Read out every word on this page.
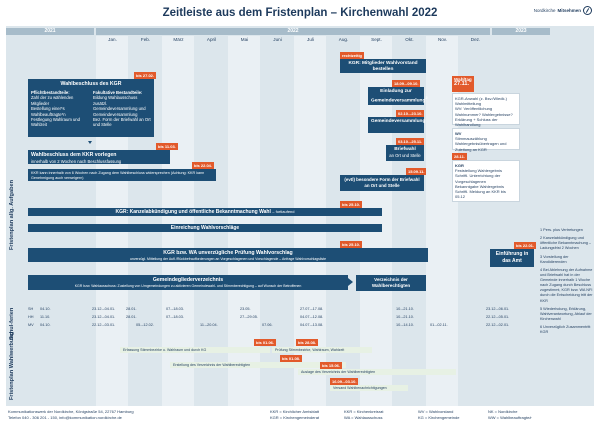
Zeitleiste aus dem Fristenplan – Kirchenwahl 2022	Nordkirche Mitsehmen
2021	2022	2023
Jan.	Feb.	März	April	Mai	Juni	Juli	Aug.	Sept.	Okt.	Nov.	Dez.
Fristenplan allg. Aufgaben
Schul-ferien
Fristenplan Wahlwerbung
bis 27.02.
Wahlbeschluss des KGR
Pflichtbestandteile:
Zahl der zu wählenden Mitglieder
Bestellung einer*s Wahlbeauftragte*n
Festlegung Wahlraum und Wahlzeit
Fakultative Bestandteile:
Bildung Wahlausschuss
zusätzl. Gemeindeversammlung und Gemeindeversammlung
Bez. Form der Briefwahl an Ort und Stelle
bis 11.03.
Wahlbeschluss dem KKR vorlegen
innerhalb von 2 Wochen nach Beschlussfassung
bis 22.04.
KKR kann innerhalb von 6 Wochen nach Zugang dem Wahlbeschluss widersprechen (Achtung: KKR kann Genehmigung auch verweigern)
rechtzeitig
KGR: Mitglieder Wahlvorstand bestellen
18.09.–09.10.
Einladung zur Gemeindeversammlung$^2$
02.10.–23.10.
Gemeindeversammlung
03.10.–25.11.
Briefwahl
an Ort und Stelle
15.09.11.
(evtl) besondere Form der Briefwahl an Ort und Stelle
Wahltag
27.11.
KGR-Anwahl (z. Bsv./Wiedk.)
Wahlmitteilung
WV: Veröffentlichung Wahlnummer? Wahlergebnisse?
Erklärung + Schluss der Wahlhandlung
WV
Stimmauszählung
Wahlergebnisübertragen und Zuleitung an KGR
28.11.
KGR
Feststellung Wahlergebnis
Schriftl. Unterrichtung der Vorgeschlagenen
Bekanntgabe Wahlergebnis
Schriftl. Meldung an KKR bis 05.12
bis 25.10.
KGR: Kanzelabkündigung und öffentliche Bekanntmachung Wahl – fortlaufend
Einreichung Wahlvorschläge
bis 25.10.
KGR bzw. WA unverzügliche Prüfung Wahlvorschlag
unverzügl. Mitteilung der Aufl./Rückbefraufforderungen an Vorgeschlagenen und Vorschlagende – Anfrage Wahlvorschlagsliste
Gemeindegliederverzeichnis
KGR bzw. Wahlausschuss: Zustellung von Umgemeindungen zu aktivieren Gemeindewahl- und Stimmberechtigung – auf Wunsch der Betroffenen
Verzeichnis der Wahlberechtigten
bis 22.01.
Einführung in das Amt
1 Pers. plus Vertretungen
2 Kanzelabkündigung und öffentliche Bekanntmachung – Ladungsfrist 2 Wochen
3 Vorstellung der Kandidierenden
4 Bei Ablehnung der Aufnahme und Briefwahl hat in der Gemeinde innerhalb 1 Woche nach Zugang durch Beschluss zugestimmt, KGR bzw. WA NFI durch die Entscheidung tritt der KKR
5 Wiederholung, Erklärung, Wahlverantwortung, Ablauf der Kirchenwahl
6 Unverzüglich Zusammentritt KGR
SH
HH
MV
04.10.	23.12.–04.01.	28.01.	07.–18.03.	23.05.	27.07.–17.08.	10.–21.10.	23.12.–06.01.
11.10.	23.12.–04.01.	28.01.	07.–18.03.	27.–29.05.	04.07.–12.08.	10.–21.10.	22.12.–05.01.
04.10.	22.12.–03.01.	05.–12.02.	11.–20.04.	07.06.	04.07.–13.08.	10.–14.10.	01.–02.11.	22.12.–02.01.
bis 01.06.	bis 28.08.
Erfassung Stimmbezirke u. Wahlraum und durch KG	Prüfung Stimmbezirke, Wahlraum, Wahlzeit
bis 01.08.
Erstellung des Verzeichnis der Wahlberechtigten	bis 15.06.
Auslage des Verzeichnis der Wahlberechtigten
16.09.–03.10.
Versand Wahlbenachrichtigungen
Kommunikationswerk der Nordkirche, Königstraße 54, 22767 Hamburg
Telefon 040 - 306 201 - 150, info@kommunikation.nordkirche.de
KKR = Kirchlicher Amtsblatt
KGR = Kirchengemeinderat
KKR = Kirchenkreisrat
WA = Wahlausschuss
WV = Wahlvorstand
KG = Kirchengemeinde
NK = Nordkirche
WW = Wahlbeauftragte/r
